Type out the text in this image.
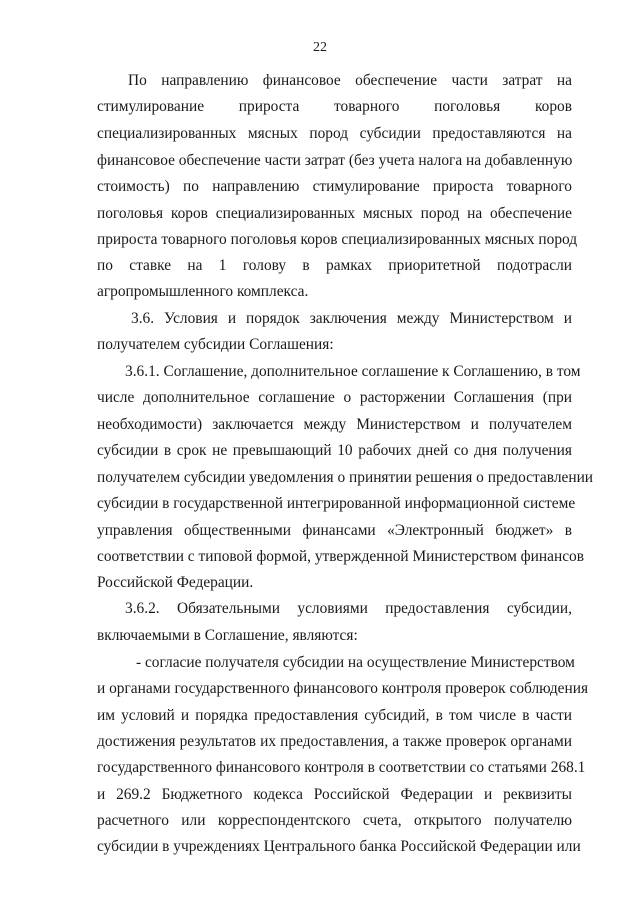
22
По направлению финансовое обеспечение части затрат на
стимулирование прироста товарного поголовья коров
специализированных мясных пород субсидии предоставляются на
финансовое обеспечение части затрат (без учета налога на добавленную
стоимость) по направлению стимулирование прироста товарного
поголовья коров специализированных мясных пород на обеспечение
прироста товарного поголовья коров специализированных мясных пород
по ставке на 1 голову в рамках приоритетной подотрасли
агропромышленного комплекса.
3.6. Условия и порядок заключения между Министерством и
получателем субсидии Соглашения:
3.6.1. Соглашение, дополнительное соглашение к Соглашению, в том
числе дополнительное соглашение о расторжении Соглашения (при
необходимости) заключается между Министерством и получателем
субсидии в срок не превышающий 10 рабочих дней со дня получения
получателем субсидии уведомления о принятии решения о предоставлении
субсидии в государственной интегрированной информационной системе
управления общественными финансами «Электронный бюджет» в
соответствии с типовой формой, утвержденной Министерством финансов
Российской Федерации.
3.6.2. Обязательными условиями предоставления субсидии,
включаемыми в Соглашение, являются:
- согласие получателя субсидии на осуществление Министерством
и органами государственного финансового контроля проверок соблюдения
им условий и порядка предоставления субсидий, в том числе в части
достижения результатов их предоставления, а также проверок органами
государственного финансового контроля в соответствии со статьями 268.1
и 269.2 Бюджетного кодекса Российской Федерации и реквизиты
расчетного или корреспондентского счета, открытого получателю
субсидии в учреждениях Центрального банка Российской Федерации или
